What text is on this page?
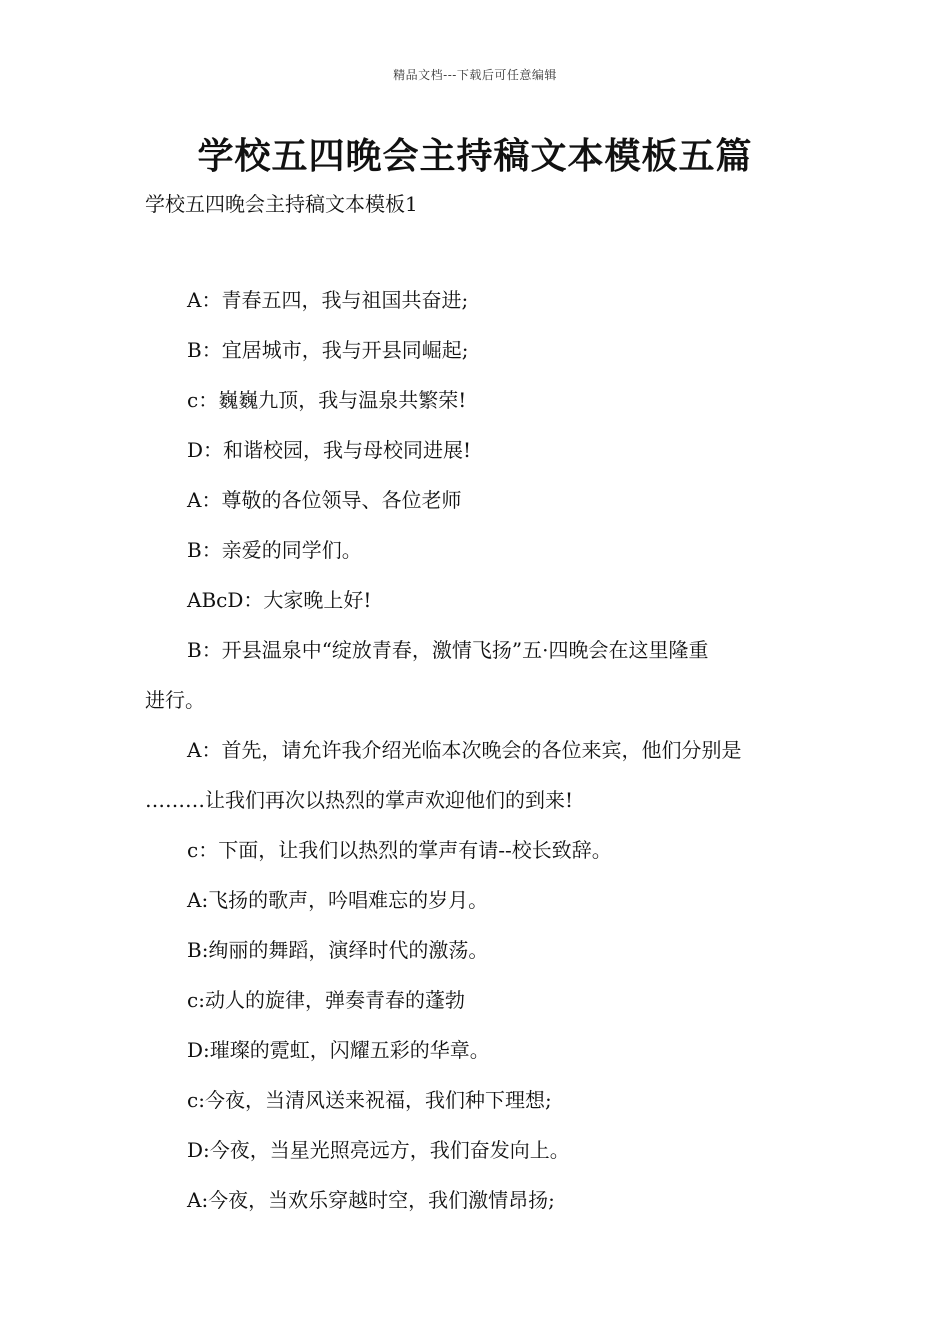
精品文档---下载后可任意编辑
学校五四晚会主持稿文本模板五篇
学校五四晚会主持稿文本模板1
A：青春五四，我与祖国共奋进;
B：宜居城市，我与开县同崛起;
c：巍巍九顶，我与温泉共繁荣!
D：和谐校园，我与母校同进展!
A：尊敬的各位领导、各位老师
B：亲爱的同学们。
ABcD：大家晚上好!
B：开县温泉中“绽放青春，激情飞扬”五·四晚会在这里隆重
进行。
A：首先，请允许我介绍光临本次晚会的各位来宾，他们分别是
………让我们再次以热烈的掌声欢迎他们的到来!
c：下面，让我们以热烈的掌声有请--校长致辞。
A:飞扬的歌声，吟唱难忘的岁月。
B:绚丽的舞蹈，演绎时代的激荡。
c:动人的旋律，弹奏青春的蓬勃
D:璀璨的霓虹，闪耀五彩的华章。
c:今夜，当清风送来祝福，我们种下理想;
D:今夜，当星光照亮远方，我们奋发向上。
A:今夜，当欢乐穿越时空，我们激情昂扬;
